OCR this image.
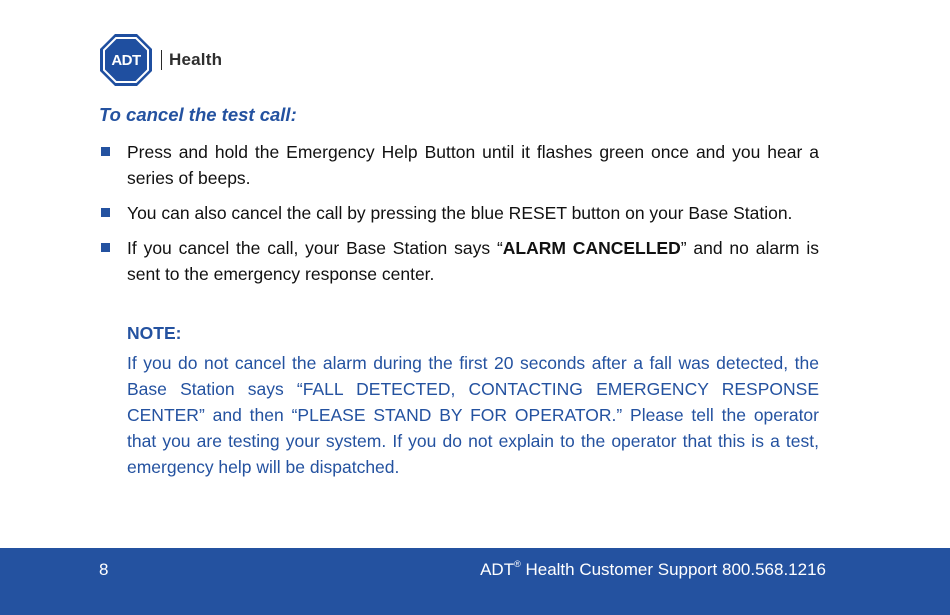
ADT Health
To cancel the test call:
Press and hold the Emergency Help Button until it flashes green once and you hear a series of beeps.
You can also cancel the call by pressing the blue RESET button on your Base Station.
If you cancel the call, your Base Station says “ALARM CANCELLED” and no alarm is sent to the emergency response center.
NOTE:
If you do not cancel the alarm during the first 20 seconds after a fall was detected, the Base Station says “FALL DETECTED, CONTACTING EMERGENCY RESPONSE CENTER” and then “PLEASE STAND BY FOR OPERATOR.” Please tell the operator that you are testing your system. If you do not explain to the operator that this is a test, emergency help will be dispatched.
8	ADT® Health Customer Support 800.568.1216
